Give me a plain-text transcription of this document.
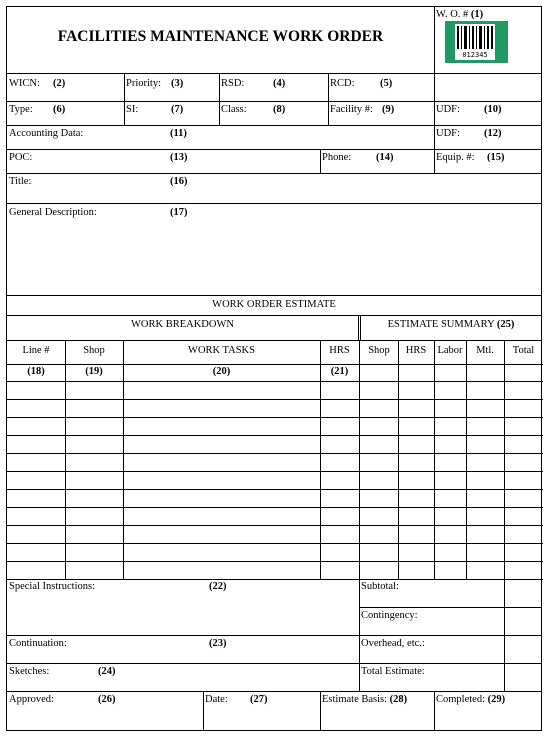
FACILITIES MAINTENANCE WORK ORDER
W. O. # (1)
012345
WICN: (2)	Priority: (3)	RSD:	(4)	RCD: (5)
Type: (6)	SI:	(7)	Class:	(8)	Facility #: (9)	UDF: (10)
Accounting Data:	(11)	UDF: (12)
POC:	(13)	Phone: (14)	Equip. #: (15)
Title:	(16)
General Description:	(17)
WORK ORDER ESTIMATE
WORK BREAKDOWN	ESTIMATE SUMMARY (25)
Special Instructions:	(22)	Subtotal:
Contingency:
Continuation:	(23)	Overhead, etc.:
Sketches:	(24)	Total Estimate:
Approved:	(26)	Date: (27)	Estimate Basis: (28)	Completed: (29)
Line #	Shop	WORK TASKS	HRS	Shop	HRS	Labor	Mtl.	Total
(18)	(19)	(20)	(21)
